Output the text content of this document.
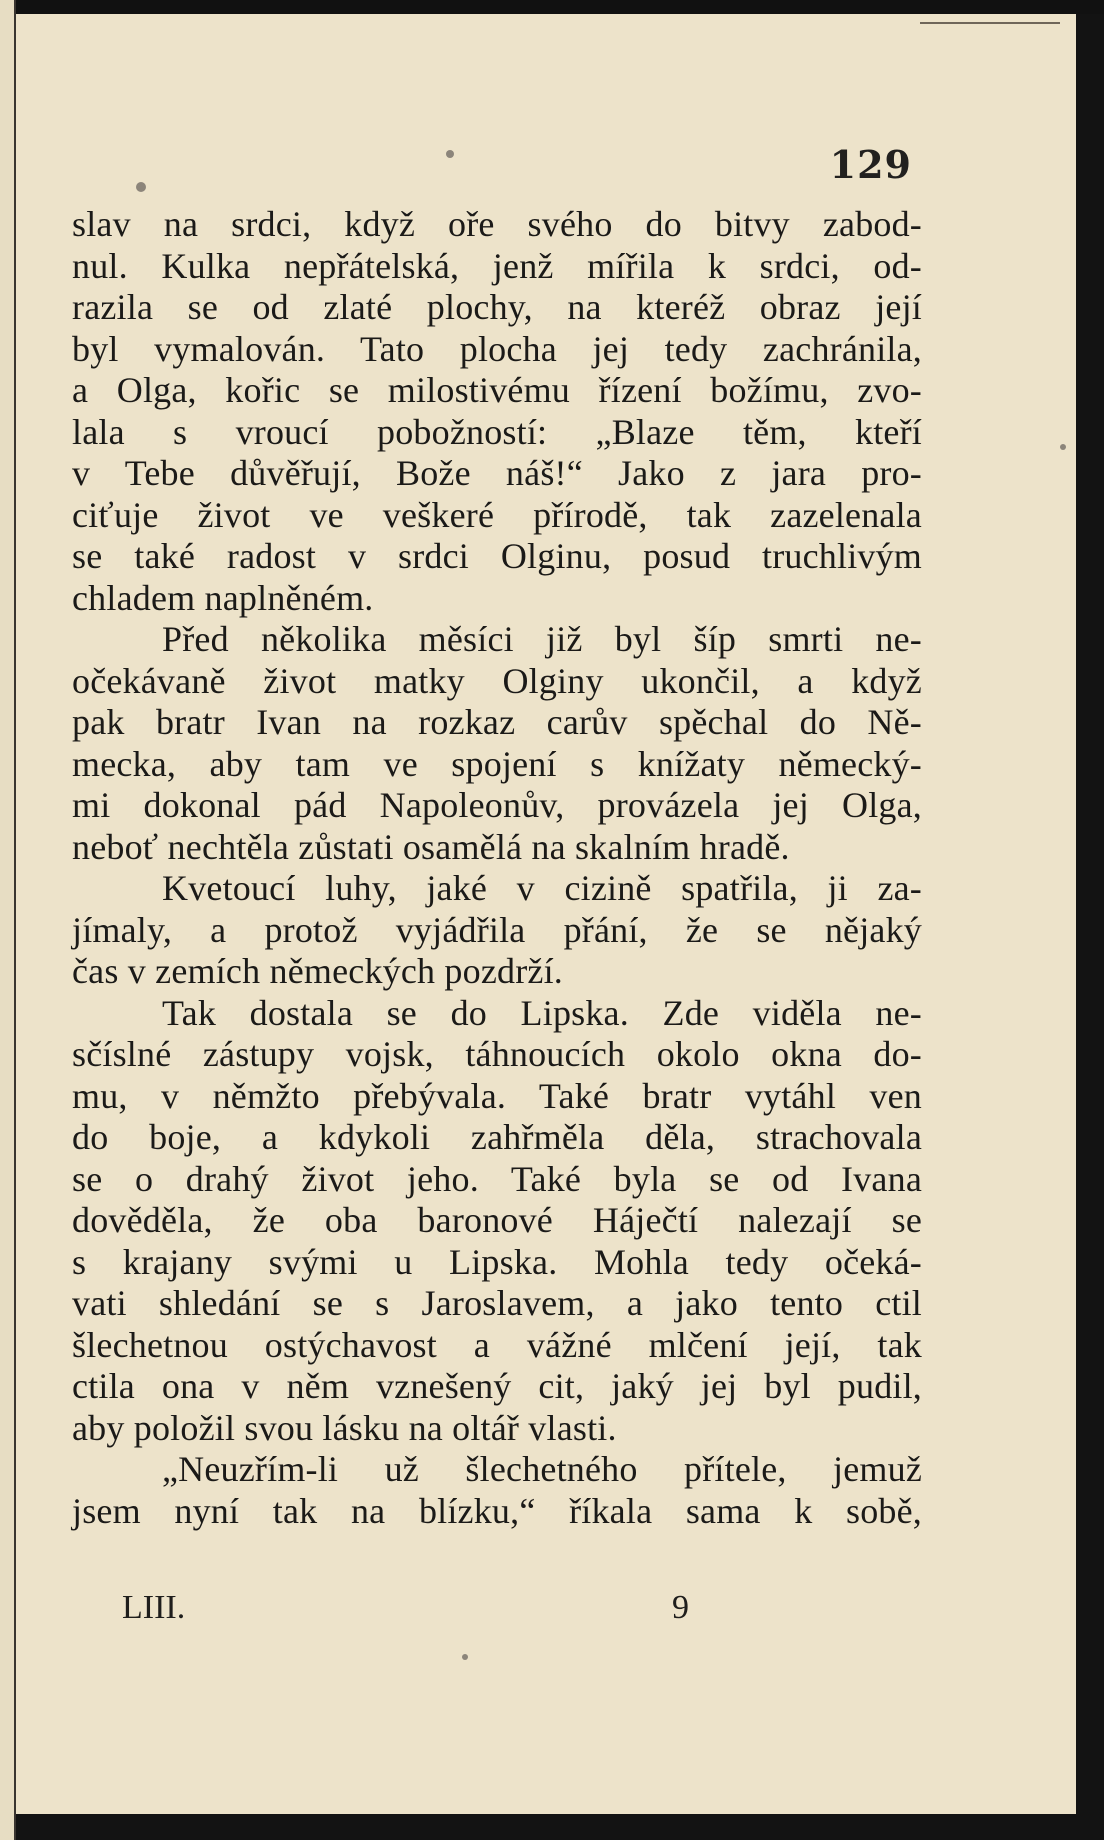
129
slav na srdci, když oře svého do bitvy zabod-
nul. Kulka nepřátelská, jenž mířila k srdci, od-
razila se od zlaté plochy, na kteréž obraz její
byl vymalován. Tato plocha jej tedy zachránila,
a Olga, kořic se milostivému řízení božímu, zvo-
lala s vroucí pobožností: „Blaze těm, kteří
v Tebe důvěřují, Bože náš!“ Jako z jara pro-
ciťuje život ve veškeré přírodě, tak zazelenala
se také radost v srdci Olginu, posud truchlivým
chladem naplněném.
Před několika měsíci již byl šíp smrti ne-
očekávaně život matky Olginy ukončil, a když
pak bratr Ivan na rozkaz carův spěchal do Ně-
mecka, aby tam ve spojení s knížaty německý-
mi dokonal pád Napoleonův, provázela jej Olga,
neboť nechtěla zůstati osamělá na skalním hradě.
Kvetoucí luhy, jaké v cizině spatřila, ji za-
jímaly, a protož vyjádřila přání, že se nějaký
čas v zemích německých pozdrží.
Tak dostala se do Lipska. Zde viděla ne-
sčíslné zástupy vojsk, táhnoucích okolo okna do-
mu, v němžto přebývala. Také bratr vytáhl ven
do boje, a kdykoli zahřměla děla, strachovala
se o drahý život jeho. Také byla se od Ivana
dověděla, že oba baronové Háječtí nalezají se
s krajany svými u Lipska. Mohla tedy očeká-
vati shledání se s Jaroslavem, a jako tento ctil
šlechetnou ostýchavost a vážné mlčení její, tak
ctila ona v něm vznešený cit, jaký jej byl pudil,
aby položil svou lásku na oltář vlasti.
„Neuzřím-li už šlechetného přítele, jemuž
jsem nyní tak na blízku,“ říkala sama k sobě,
LIII.	9
